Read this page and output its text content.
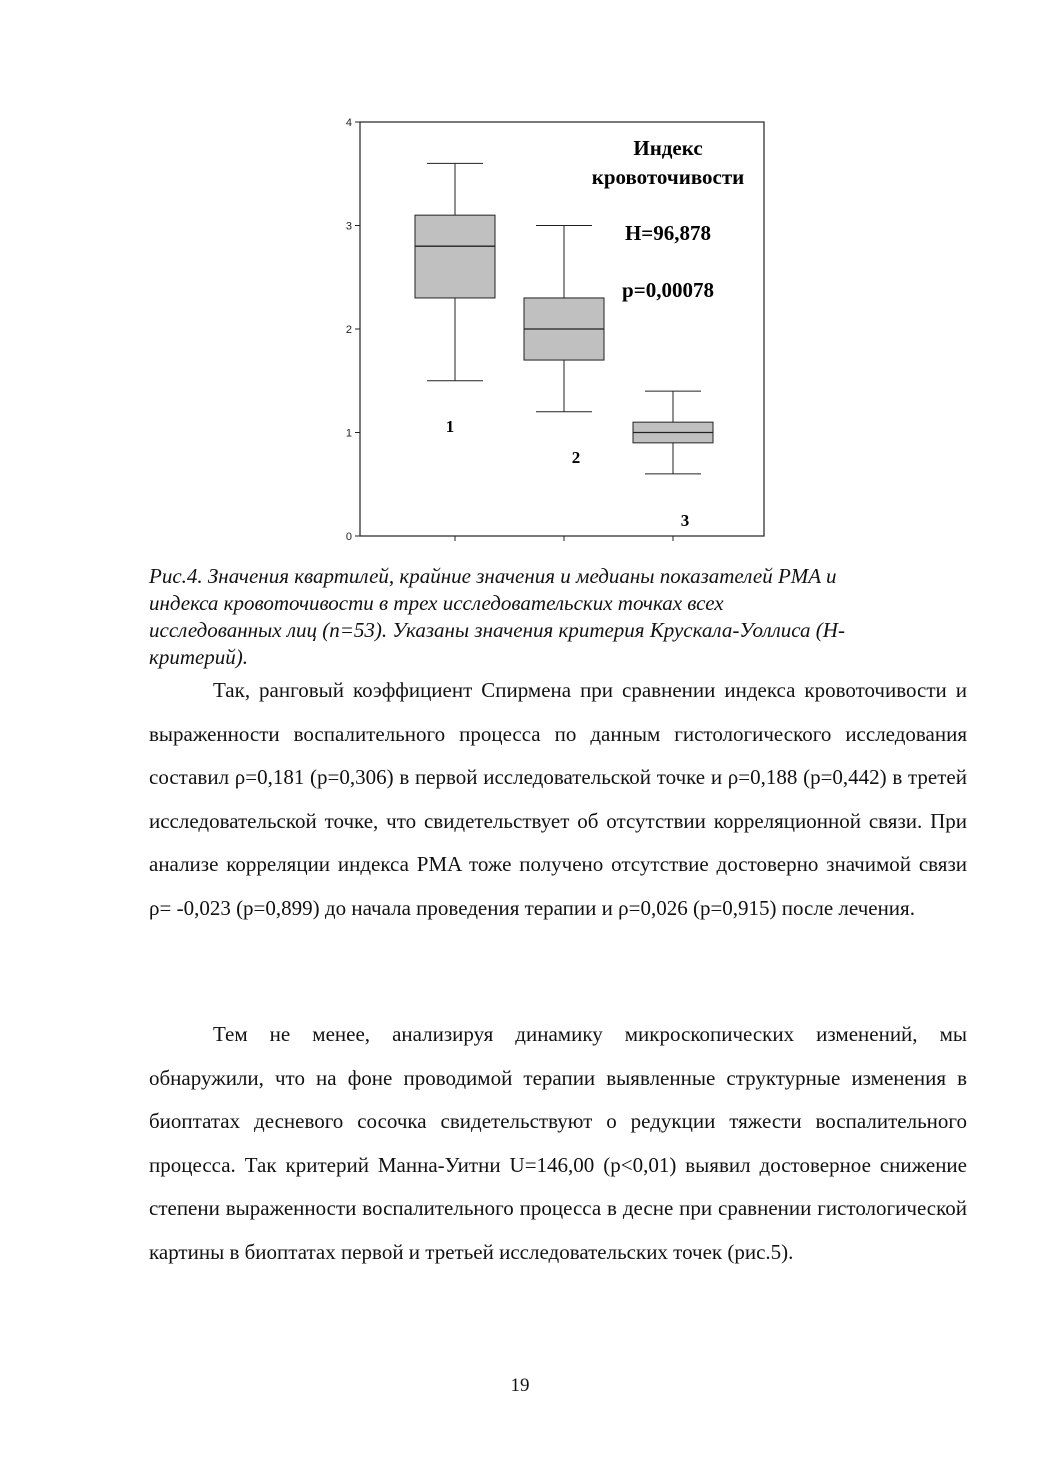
0
1
2
3
4
1
2
3
Индекс
кровоточивости
H=96,878
p=0,00078
Рис.4. Значения квартилей, крайние значения и медианы показателей PMA и
индекса кровоточивости в трех исследовательских точках всех
исследованных лиц (n=53). Указаны значения критерия Крускала-Уоллиса (H-
критерий).

Так, ранговый коэффициент Спирмена при сравнении индекса кровоточивости и выраженности воспалительного процесса по данным гистологического исследования составил ρ=0,181 (p=0,306) в первой исследовательской точке и ρ=0,188 (p=0,442) в третей исследовательской точке, что свидетельствует об отсутствии корреляционной связи. При анализе корреляции индекса PMA тоже получено отсутствие достоверно значимой связи ρ= -0,023 (p=0,899) до начала проведения терапии и ρ=0,026 (p=0,915) после лечения.

Тем не менее, анализируя динамику микроскопических изменений, мы обнаружили, что на фоне проводимой терапии выявленные структурные изменения в биоптатах десневого сосочка свидетельствуют о редукции тяжести воспалительного процесса. Так критерий Манна-Уитни U=146,00 (p<0,01) выявил достоверное снижение степени выраженности воспалительного процесса в десне при сравнении гистологической картины в биоптатах первой и третьей исследовательских точек (рис.5).

19
